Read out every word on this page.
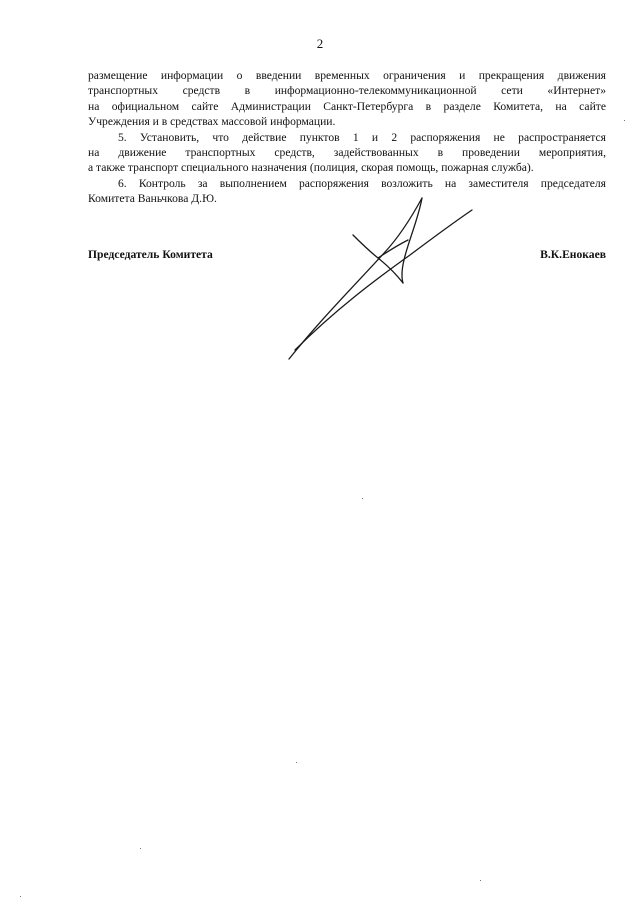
2

размещение информации о введении временных ограничения и прекращения движения
транспортных средств в информационно-телекоммуникационной сети «Интернет»
на официальном сайте Администрации Санкт-Петербурга в разделе Комитета, на сайте
Учреждения и в средствах массовой информации.

5. Установить, что действие пунктов 1 и 2 распоряжения не распространяется
на движение транспортных средств, задействованных в проведении мероприятия,
а также транспорт специального назначения (полиция, скорая помощь, пожарная служба).

6. Контроль за выполнением распоряжения возложить на заместителя председателя
Комитета Ваньчкова Д.Ю.

Председатель Комитета	В.К.Енокаев
